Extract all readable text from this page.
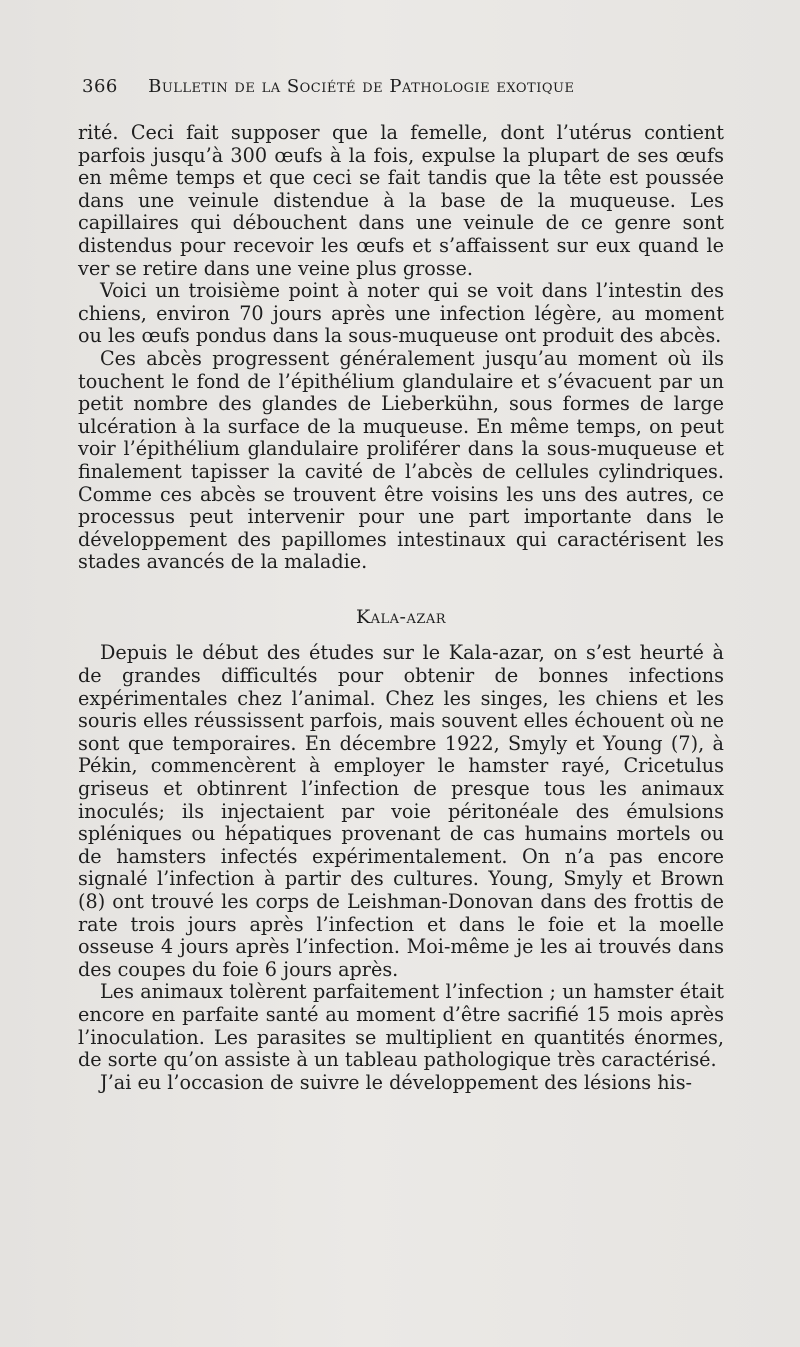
366 Bulletin de la Société de Pathologie exotique

rité. Ceci fait supposer que la femelle, dont l’utérus contient parfois jusqu’à 300 œufs à la fois, expulse la plupart de ses œufs en même temps et que ceci se fait tandis que la tête est poussée dans une veinule distendue à la base de la muqueuse. Les capillaires qui débouchent dans une veinule de ce genre sont distendus pour recevoir les œufs et s’affaissent sur eux quand le ver se retire dans une veine plus grosse.

Voici un troisième point à noter qui se voit dans l’intestin des chiens, environ 70 jours après une infection légère, au moment ou les œufs pondus dans la sous-muqueuse ont produit des abcès.

Ces abcès progressent généralement jusqu’au moment où ils touchent le fond de l’épithélium glandulaire et s’évacuent par un petit nombre des glandes de Lieberkühn, sous formes de large ulcération à la surface de la muqueuse. En même temps, on peut voir l’épithélium glandulaire proliférer dans la sous-muqueuse et finalement tapisser la cavité de l’abcès de cellules cylindriques. Comme ces abcès se trouvent être voisins les uns des autres, ce processus peut intervenir pour une part importante dans le développement des papillomes intestinaux qui caractérisent les stades avancés de la maladie.

Kala-azar

Depuis le début des études sur le Kala-azar, on s’est heurté à de grandes difficultés pour obtenir de bonnes infections expérimentales chez l’animal. Chez les singes, les chiens et les souris elles réussissent parfois, mais souvent elles échouent où ne sont que temporaires. En décembre 1922, Smyly et Young (7), à Pékin, commencèrent à employer le hamster rayé, Cricetulus griseus et obtinrent l’infection de presque tous les animaux inoculés; ils injectaient par voie péritonéale des émulsions spléniques ou hépatiques provenant de cas humains mortels ou de hamsters infectés expérimentalement. On n’a pas encore signalé l’infection à partir des cultures. Young, Smyly et Brown (8) ont trouvé les corps de Leishman-Donovan dans des frottis de rate trois jours après l’infection et dans le foie et la moelle osseuse 4 jours après l’infection. Moi-même je les ai trouvés dans des coupes du foie 6 jours après.

Les animaux tolèrent parfaitement l’infection ; un hamster était encore en parfaite santé au moment d’être sacrifié 15 mois après l’inoculation. Les parasites se multiplient en quantités énormes, de sorte qu’on assiste à un tableau pathologique très caractérisé.

J’ai eu l’occasion de suivre le développement des lésions his-
